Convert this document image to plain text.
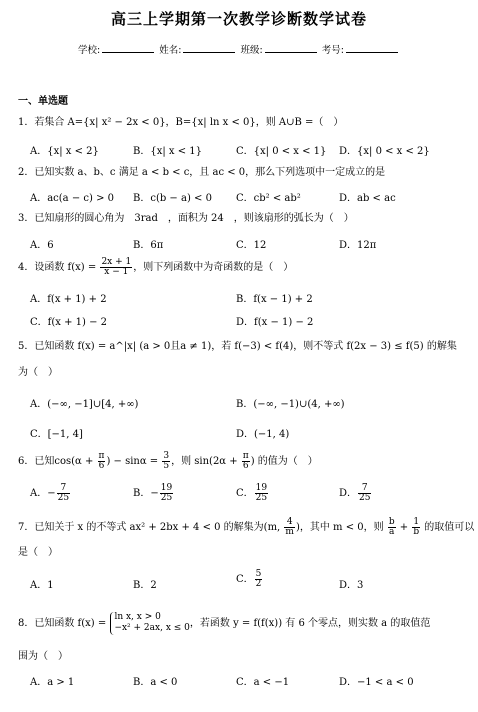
高三上学期第一次教学诊断数学试卷
学校:	姓名:	班级:	考号:
一、单选题
1．若集合 A={x| x² − 2x < 0}，B={x| ln x < 0}，则 A∪B =（　）
A．{x| x < 2}	B．{x| x < 1}	C．{x| 0 < x < 1} D．{x| 0 < x < 2}
2．已知实数 a、b、c 满足 a < b < c，且 ac < 0，那么下列选项中一定成立的是
A．ac(a − c) > 0 B．c(b − a) < 0 C．cb² < ab²	D．ab < ac
3．已知扇形的圆心角为　3rad　，面积为 24　，则该扇形的弧长为（　）
A．6	B．6π	C．12	D．12π
4．设函数 $f(x) = \frac{2x + 1}{x - 1}$ ，则下列函数中为奇函数的是（　）
A．f(x + 1) + 2	B．f(x − 1) + 2
C．f(x + 1) − 2	D．f(x − 1) − 2
5．已知函数 f(x) = a^|x| (a > 0且a ≠ 1)，若 f(−3) < f(4)，则不等式 f(2x − 3) ≤ f(5) 的解集
为（　）
A．(−∞, −1]∪[4, +∞)	B．(−∞, −1)∪(4, +∞)
C．[−1, 4]	D．(−1, 4)
6．已知$\cos(\alpha + \frac{\pi}{6}$ ) − $\sin\alpha = \frac{3}{5}$ ，则 $\sin(2\alpha + \frac{\pi}{6}$ ) 的值为（　）
A．− $\frac{7}{25}$	B．− $\frac{19}{25}$	C． $\frac{19}{25}$	D． $\frac{7}{25}$
7．已知关于 x 的不等式 ax² + 2bx + 4 < 0 的解集为(m, $\frac{4}{m}$ )，其中 m < 0，则 $\frac{b}{a} + \frac{1}{b}$ 的取值可以
是（　）
A．1	B．2
C． $\frac{5}{2}$	D．3
8．已知函数 f(x) =
ln x, x > 0
−x² + 2ax, x ≤ 0 ，若函数 y = f(f(x)) 有 6 个零点，则实数 a 的取值范
围为（　）
A．a > 1	B．a < 0	C．a < −1	D．−1 < a < 0
